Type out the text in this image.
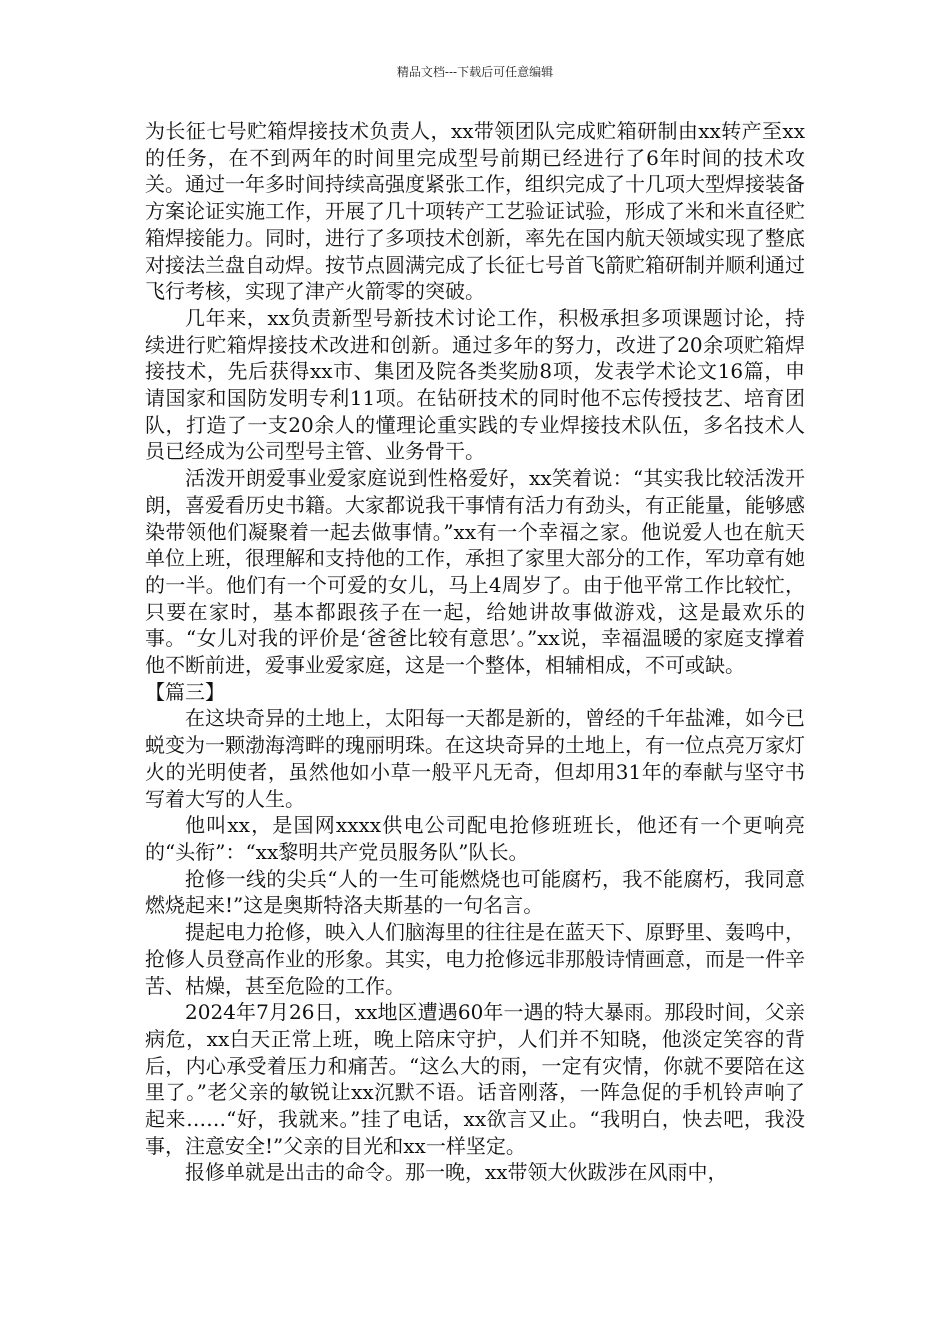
精品文档---下载后可任意编辑

为长征七号贮箱焊接技术负责人，xx带领团队完成贮箱研制由xx转产至xx的任务，在不到两年的时间里完成型号前期已经进行了6年时间的技术攻关。通过一年多时间持续高强度紧张工作，组织完成了十几项大型焊接装备方案论证实施工作，开展了几十项转产工艺验证试验，形成了米和米直径贮箱焊接能力。同时，进行了多项技术创新，率先在国内航天领域实现了整底对接法兰盘自动焊。按节点圆满完成了长征七号首飞箭贮箱研制并顺利通过飞行考核，实现了津产火箭零的突破。

几年来，xx负责新型号新技术讨论工作，积极承担多项课题讨论，持续进行贮箱焊接技术改进和创新。通过多年的努力，改进了20余项贮箱焊接技术，先后获得xx市、集团及院各类奖励8项，发表学术论文16篇，申请国家和国防发明专利11项。在钻研技术的同时他不忘传授技艺、培育团队，打造了一支20余人的懂理论重实践的专业焊接技术队伍，多名技术人员已经成为公司型号主管、业务骨干。

活泼开朗爱事业爱家庭说到性格爱好，xx笑着说：“其实我比较活泼开朗，喜爱看历史书籍。大家都说我干事情有活力有劲头，有正能量，能够感染带领他们凝聚着一起去做事情。”xx有一个幸福之家。他说爱人也在航天单位上班，很理解和支持他的工作，承担了家里大部分的工作，军功章有她的一半。他们有一个可爱的女儿，马上4周岁了。由于他平常工作比较忙，只要在家时，基本都跟孩子在一起，给她讲故事做游戏，这是最欢乐的事。“女儿对我的评价是‘爸爸比较有意思’。”xx说，幸福温暖的家庭支撑着他不断前进，爱事业爱家庭，这是一个整体，相辅相成，不可或缺。

【篇三】

在这块奇异的土地上，太阳每一天都是新的，曾经的千年盐滩，如今已蜕变为一颗渤海湾畔的瑰丽明珠。在这块奇异的土地上，有一位点亮万家灯火的光明使者，虽然他如小草一般平凡无奇，但却用31年的奉献与坚守书写着大写的人生。

他叫xx，是国网xxxx供电公司配电抢修班班长，他还有一个更响亮的“头衔”：“xx黎明共产党员服务队”队长。

抢修一线的尖兵“人的一生可能燃烧也可能腐朽，我不能腐朽，我同意燃烧起来!”这是奥斯特洛夫斯基的一句名言。

提起电力抢修，映入人们脑海里的往往是在蓝天下、原野里、轰鸣中，抢修人员登高作业的形象。其实，电力抢修远非那般诗情画意，而是一件辛苦、枯燥，甚至危险的工作。

2024年7月26日，xx地区遭遇60年一遇的特大暴雨。那段时间，父亲病危，xx白天正常上班，晚上陪床守护，人们并不知晓，他淡定笑容的背后，内心承受着压力和痛苦。“这么大的雨，一定有灾情，你就不要陪在这里了。”老父亲的敏锐让xx沉默不语。话音刚落，一阵急促的手机铃声响了起来……“好，我就来。”挂了电话，xx欲言又止。“我明白，快去吧，我没事，注意安全!”父亲的目光和xx一样坚定。

报修单就是出击的命令。那一晚，xx带领大伙跋涉在风雨中，
